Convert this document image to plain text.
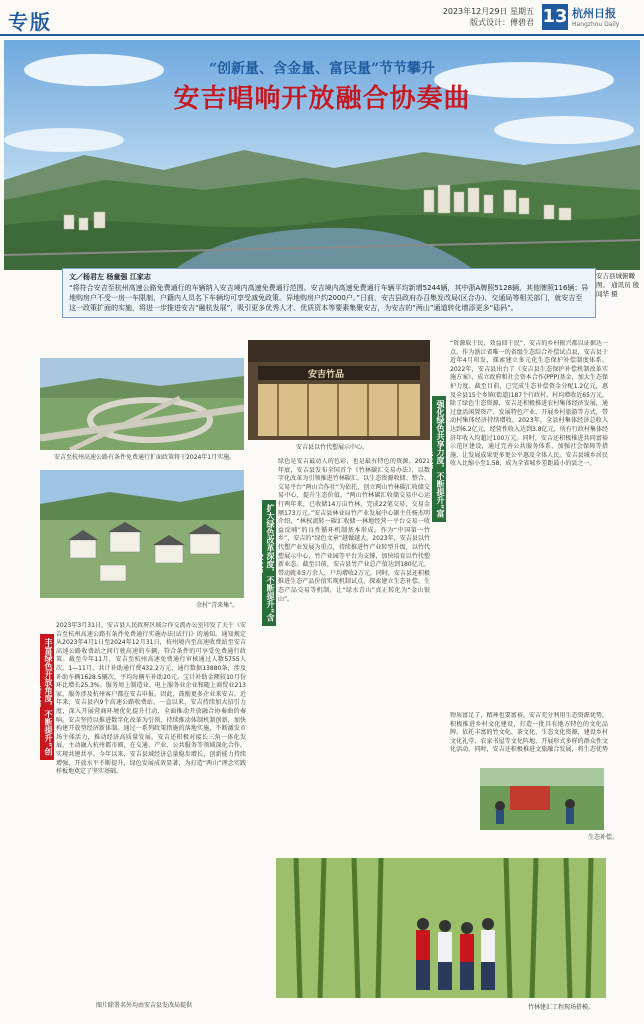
专版	2023年12月29日 星期五
版式设计：傅碧君 13 杭州日报
Hangzhou Daily
“创新量、含金量、富民量”节节攀升
安吉唱响开放融合协奏曲
文／杨君左 杨童强 江家志
“将符合安吉至杭州高速公路免费通行的车辆纳入安吉境内高速免费通行范围。安吉境内高速免费通行车辆平均新增5244辆，其中浙A牌照5128辆，其他牌照116辆；异地购房户不受一房一车限制，户籍内人员名下车辆均可享受减免政策。异地购房户约2000户。”日前，安吉县政府办召集发改局(区合办)、交通局等相关部门，就安吉至
这一政策扩面的实施，将进一步推进安吉“融杭发展”，吸引更多优秀人才、优质资本等要素集聚安吉，为安吉的“两山”通道转化增添更多“砝码”。
安吉县城俯瞰图。 通讯员 殷闻华 摄
安吉至杭州高速公路有条件免费通行扩面政策将于2024年1月实施。
余村“青来集”。
安吉竹品
安吉县以竹代塑展示中心。
丰富绿色开放角度，不断提升“创新量”
扩大绿色改革深度，不断提升“含金量”
强化绿色共享力度，不断提升“富民量”
2023年3月31日，安吉县人民政府区域合作交流办公室印发了关于《安吉至杭州高速公路有条件免费通行实施办法(试行)》的通知。通知规定从2023年4月1日至2024年12月31日，杭州境内至高速收费站至安吉高速公路收费站之间行驶高速的车辆，符合条件的可享受免费通行政策。截至今年11月，安吉至杭州高速免费通行审核通过人数5755人次。1—11月，共计补助通行费432.2万元，通行数据13880条，涉及补助车辆1628.5辆次，平均每辆车补助20元。宝计补助金额较10月份环比增长25.3%。服务周上制造业、电上服务业企业和随上商贸业213家，服务涉及杭州客户都在安吉申报。因此，鼓励更多企业来安吉。近年来，安吉县内9个高速公路收费站。一直以来，安吉持续加大招引力度，深入开展营商环境优化提升行动，全面推动开放融合协奏曲的奏响。安吉坚持以推进数字化改革为引领，持续推动体制机制创新，加快构建开放型经济新体制。通过一系列政策措施的落地实施，不断激发市场主体活力，推动经济高质量发展。安吉还积极对接长三角一体化发展，主动融入杭州都市圈，在交通、产业、公共服务等领域深化合作，实现共建共享。今年以来，安吉县域经济总量稳步增长，创新能力持续增强，开放水平不断提升，绿色发展成效显著，为打造“两山”理念实践样板地奠定了坚实基础。
绿色是安吉最动人的色彩，也是最有特色的资源。2021年底，安吉县发布全国首个《竹林碳汇交易办法》，以数字化改革为引领推进竹林碳汇，以生态资源收储、整合、交易平台“两山合作社”为依托，创立两山竹林碳汇收储交易中心，提升生态价值。“两山竹林碳汇收储交易中心运行两年来，已收储14万亩竹林，完成22笔交易，交易金额173万元。”安吉县林业局竹产业发展中心副主任杨杰明介绍，“林权流转一碳汇收储一林地经营一平台交易一收益反哺”的良性循环机制基本形成。作为“中国第一竹乡”，安吉的“绿色文章”越做越大。2023年，安吉县以竹代塑产业发展为重点，持续推进竹产业转型升级，以竹代塑展示中心、竹产业园等平台为支撑，加快培育以竹代塑新业态。截至目前，安吉县竹产业总产值达到180亿元，带动就业5万余人，户均增收2万元。同时，安吉县还积极推进生态产品价值实现机制试点，探索建立生态补偿、生态产品交易等机制，让“绿水青山”真正转化为“金山银山”。
“资源取于民、效益回于民”，安吉的乡村振兴都以证据达一点。作为浙江省唯一的省级生态综合补偿试点县，安吉县于近年4月印发，探索建立多元化生态保护补偿制度体系。2022年，安吉县出台了《安吉县生态保护补偿机制改革实施方案》，成立政府和社会资本合作(PPP)基金，加大生态保护力度。截至目前，已完成生态补偿资金分配1.2亿元，惠及全县15个乡镇(街道)187个行政村，村均增收近65万元。除了绿色生态资源，安吉还积极推进农村集体经济发展，通过盘活闲置资产、发展特色产业、开展乡村旅游等方式，带动村集体经济持续增收。2023年，全县村集体经济总收入达到6.2亿元，经营性收入达到3.8亿元，所有行政村集体经济年收入均超过100万元。同时，安吉还积极推进共同富裕示范区建设，通过完善公共服务体系、加强社会保障等措施，让发展成果更多更公平惠及全体人民。安吉县城乡居民收入比缩小至1.58，成为全省城乡差距最小的县之一。
物质富足了，精神也要富裕。安吉充分利用生态资源优势，积极推进乡村文化建设，打造一批具有地方特色的文化品牌。依托丰富的竹文化、茶文化、生态文化资源，建设乡村文化礼堂、农家书屋等文化阵地，开展形式多样的群众性文化活动。同时，安吉还积极推进文旅融合发展，将生态优势
生态补偿。
图片除署名外均由安吉县发改局提供	竹林建汇工程现场搭模。
